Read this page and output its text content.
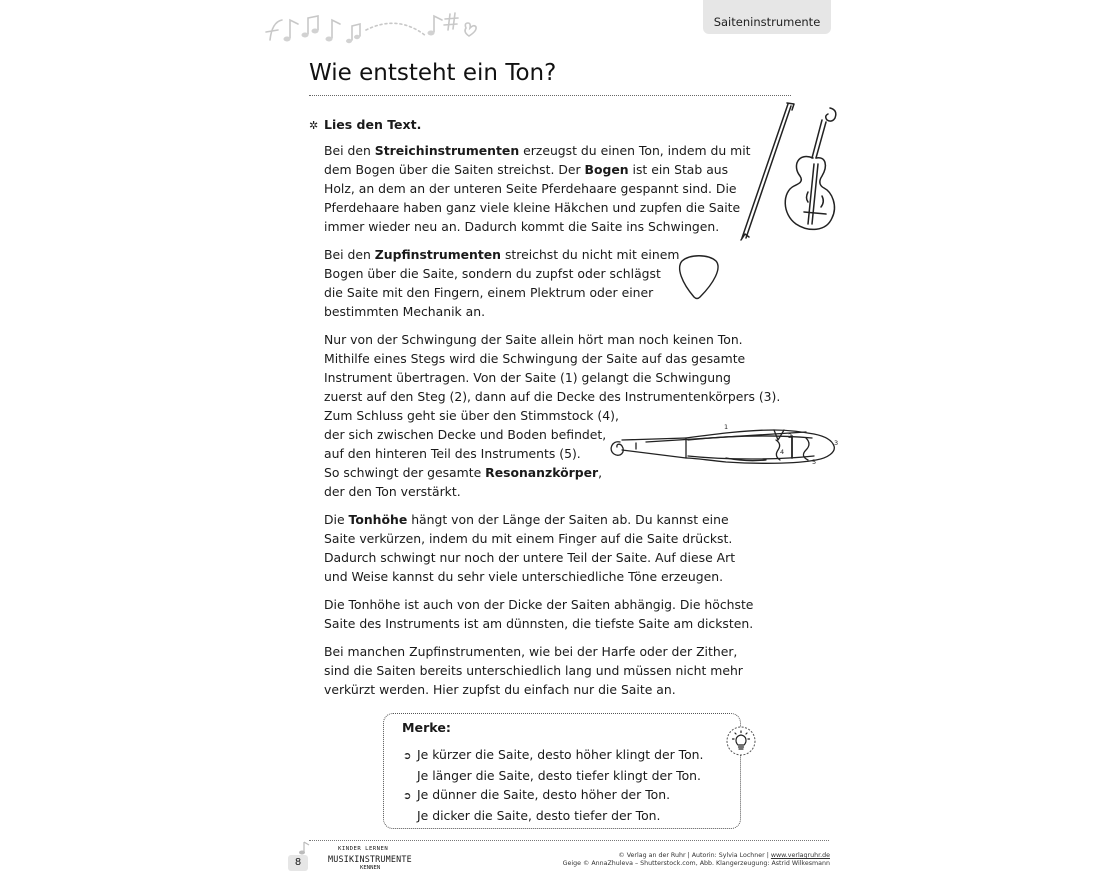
Saiteninstrumente
Wie entsteht ein Ton?
✲ Lies den Text.
Bei den Streichinstrumenten erzeugst du einen Ton, indem du mit
dem Bogen über die Saiten streichst. Der Bogen ist ein Stab aus
Holz, an dem an der unteren Seite Pferdehaare gespannt sind. Die
Pferdehaare haben ganz viele kleine Häkchen und zupfen die Saite
immer wieder neu an. Dadurch kommt die Saite ins Schwingen.
Bei den Zupfinstrumenten streichst du nicht mit einem
Bogen über die Saite, sondern du zupfst oder schlägst
die Saite mit den Fingern, einem Plektrum oder einer
bestimmten Mechanik an.
Nur von der Schwingung der Saite allein hört man noch keinen Ton.
Mithilfe eines Stegs wird die Schwingung der Saite auf das gesamte
Instrument übertragen. Von der Saite (1) gelangt die Schwingung
zuerst auf den Steg (2), dann auf die Decke des Instrumentenkörpers (3).
Zum Schluss geht sie über den Stimmstock (4),
der sich zwischen Decke und Boden befindet,
auf den hinteren Teil des Instruments (5).
So schwingt der gesamte Resonanzkörper,
der den Ton verstärkt.
1
2
3
4
5
Die Tonhöhe hängt von der Länge der Saiten ab. Du kannst eine
Saite verkürzen, indem du mit einem Finger auf die Saite drückst.
Dadurch schwingt nur noch der untere Teil der Saite. Auf diese Art
und Weise kannst du sehr viele unterschiedliche Töne erzeugen.
Die Tonhöhe ist auch von der Dicke der Saiten abhängig. Die höchste
Saite des Instruments ist am dünnsten, die tiefste Saite am dicksten.
Bei manchen Zupfinstrumenten, wie bei der Harfe oder der Zither,
sind die Saiten bereits unterschiedlich lang und müssen nicht mehr
verkürzt werden. Hier zupfst du einfach nur die Saite an.
Merke:
➲ Je kürzer die Saite, desto höher klingt der Ton.
Je länger die Saite, desto tiefer klingt der Ton.
➲ Je dünner die Saite, desto höher der Ton.
Je dicker die Saite, desto tiefer der Ton.
8
KINDER LERNEN
MUSIKINSTRUMENTE
KENNEN
© Verlag an der Ruhr | Autorin: Sylvia Lochner | www.verlagruhr.de
Geige © AnnaZhuleva – Shutterstock.com, Abb. Klangerzeugung: Astrid Wilkesmann
